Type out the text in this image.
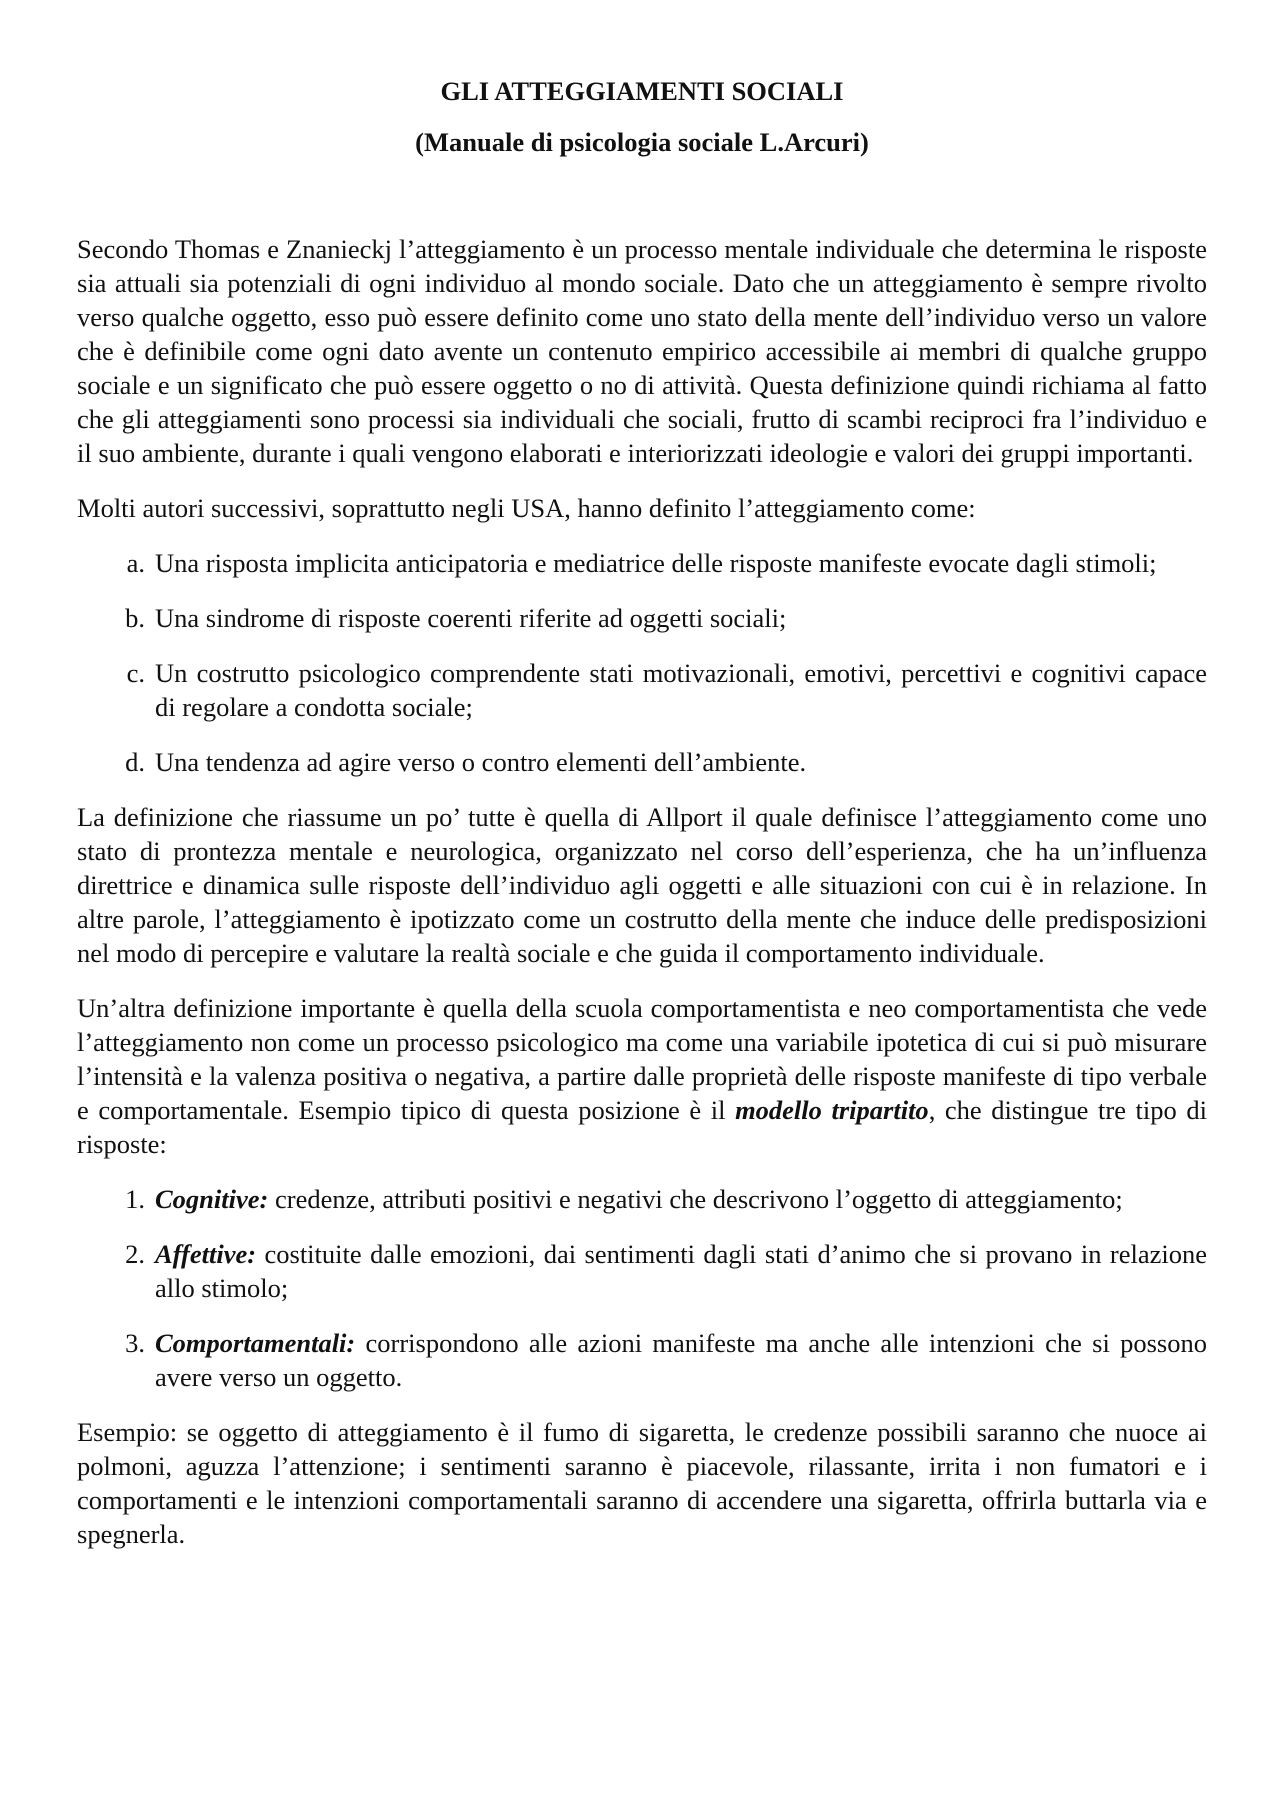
GLI ATTEGGIAMENTI SOCIALI

(Manuale di psicologia sociale L.Arcuri)

Secondo Thomas e Znanieckj l’atteggiamento è un processo mentale individuale che determina le risposte sia attuali sia potenziali di ogni individuo al mondo sociale. Dato che un atteggiamento è sempre rivolto verso qualche oggetto, esso può essere definito come uno stato della mente dell’individuo verso un valore che è definibile come ogni dato avente un contenuto empirico accessibile ai membri di qualche gruppo sociale e un significato che può essere oggetto o no di attività. Questa definizione quindi richiama al fatto che gli atteggiamenti sono processi sia individuali che sociali, frutto di scambi reciproci fra l’individuo e il suo ambiente, durante i quali vengono elaborati e interiorizzati ideologie e valori dei gruppi importanti.

Molti autori successivi, soprattutto negli USA, hanno definito l’atteggiamento come:

a. Una risposta implicita anticipatoria e mediatrice delle risposte manifeste evocate dagli stimoli;
b. Una sindrome di risposte coerenti riferite ad oggetti sociali;
c. Un costrutto psicologico comprendente stati motivazionali, emotivi, percettivi e cognitivi capace di regolare a condotta sociale;
d. Una tendenza ad agire verso o contro elementi dell’ambiente.

La definizione che riassume un po’ tutte è quella di Allport il quale definisce l’atteggiamento come uno stato di prontezza mentale e neurologica, organizzato nel corso dell’esperienza, che ha un’influenza direttrice e dinamica sulle risposte dell’individuo agli oggetti e alle situazioni con cui è in relazione. In altre parole, l’atteggiamento è ipotizzato come un costrutto della mente che induce delle predisposizioni nel modo di percepire e valutare la realtà sociale e che guida il comportamento individuale.

Un’altra definizione importante è quella della scuola comportamentista e neo comportamentista che vede l’atteggiamento non come un processo psicologico ma come una variabile ipotetica di cui si può misurare l’intensità e la valenza positiva o negativa, a partire dalle proprietà delle risposte manifeste di tipo verbale e comportamentale. Esempio tipico di questa posizione è il modello tripartito, che distingue tre tipo di risposte:

1. Cognitive: credenze, attributi positivi e negativi che descrivono l’oggetto di atteggiamento;
2. Affettive: costituite dalle emozioni, dai sentimenti dagli stati d’animo che si provano in relazione allo stimolo;
3. Comportamentali: corrispondono alle azioni manifeste ma anche alle intenzioni che si possono avere verso un oggetto.

Esempio: se oggetto di atteggiamento è il fumo di sigaretta, le credenze possibili saranno che nuoce ai polmoni, aguzza l’attenzione; i sentimenti saranno è piacevole, rilassante, irrita i non fumatori e i comportamenti e le intenzioni comportamentali saranno di accendere una sigaretta, offrirla buttarla via e spegnerla.
